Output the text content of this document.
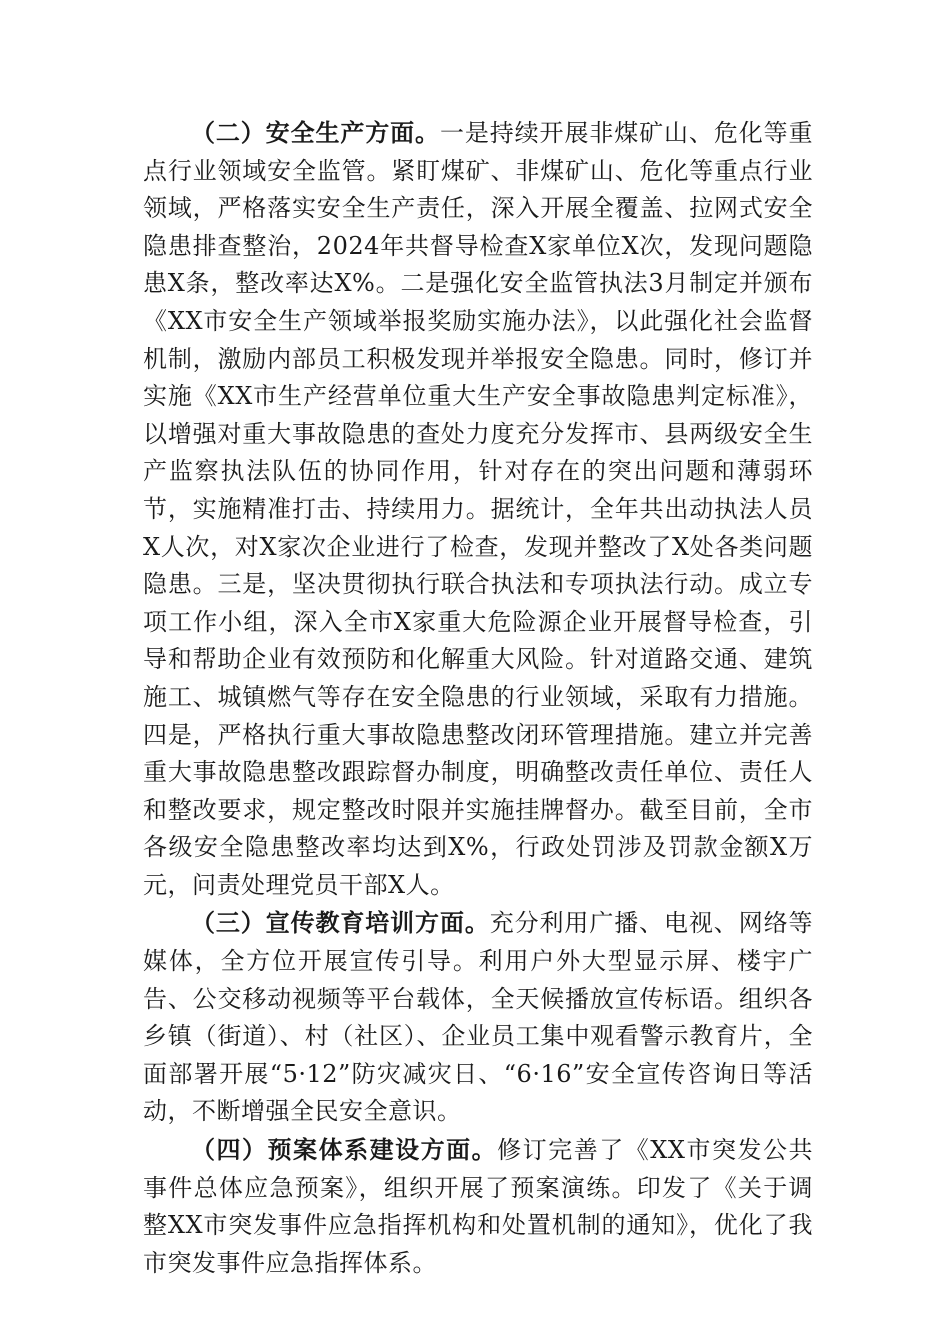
（二）安全生产方面。一是持续开展非煤矿山、危化等重点行业领域安全监管。紧盯煤矿、非煤矿山、危化等重点行业领域，严格落实安全生产责任，深入开展全覆盖、拉网式安全隐患排查整治，2024年共督导检查X家单位X次，发现问题隐患X条，整改率达X%。二是强化安全监管执法3月制定并颁布《XX市安全生产领域举报奖励实施办法》，以此强化社会监督机制，激励内部员工积极发现并举报安全隐患。同时，修订并实施《XX市生产经营单位重大生产安全事故隐患判定标准》，以增强对重大事故隐患的查处力度充分发挥市、县两级安全生产监察执法队伍的协同作用，针对存在的突出问题和薄弱环节，实施精准打击、持续用力。据统计，全年共出动执法人员X人次，对X家次企业进行了检查，发现并整改了X处各类问题隐患。三是，坚决贯彻执行联合执法和专项执法行动。成立专项工作小组，深入全市X家重大危险源企业开展督导检查，引导和帮助企业有效预防和化解重大风险。针对道路交通、建筑施工、城镇燃气等存在安全隐患的行业领域，采取有力措施。四是，严格执行重大事故隐患整改闭环管理措施。建立并完善重大事故隐患整改跟踪督办制度，明确整改责任单位、责任人和整改要求，规定整改时限并实施挂牌督办。截至目前，全市各级安全隐患整改率均达到X%，行政处罚涉及罚款金额X万元，问责处理党员干部X人。

（三）宣传教育培训方面。充分利用广播、电视、网络等媒体，全方位开展宣传引导。利用户外大型显示屏、楼宇广告、公交移动视频等平台载体，全天候播放宣传标语。组织各乡镇（街道）、村（社区）、企业员工集中观看警示教育片，全面部署开展“5·12”防灾减灾日、“6·16”安全宣传咨询日等活动，不断增强全民安全意识。

（四）预案体系建设方面。修订完善了《XX市突发公共事件总体应急预案》，组织开展了预案演练。印发了《关于调整XX市突发事件应急指挥机构和处置机制的通知》，优化了我市突发事件应急指挥体系。
